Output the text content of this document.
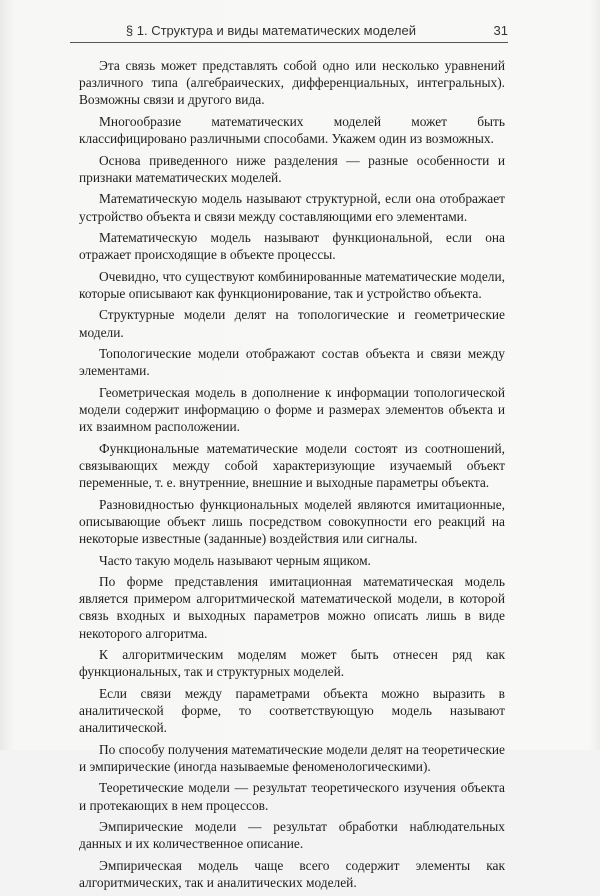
§ 1. Структура и виды математических моделей	31

Эта связь может представлять собой одно или несколько уравнений различного типа (алгебраических, дифференциальных, интегральных). Возможны связи и другого вида.

Многообразие математических моделей может быть классифицировано различными способами. Укажем один из возможных.

Основа приведенного ниже разделения — разные особенности и признаки математических моделей.

Математическую модель называют структурной, если она отображает устройство объекта и связи между составляющими его элементами.

Математическую модель называют функциональной, если она отражает происходящие в объекте процессы.

Очевидно, что существуют комбинированные математические модели, которые описывают как функционирование, так и устройство объекта.

Структурные модели делят на топологические и геометрические модели.

Топологические модели отображают состав объекта и связи между элементами.

Геометрическая модель в дополнение к информации топологической модели содержит информацию о форме и размерах элементов объекта и их взаимном расположении.

Функциональные математические модели состоят из соотношений, связывающих между собой характеризующие изучаемый объект переменные, т. е. внутренние, внешние и выходные параметры объекта.

Разновидностью функциональных моделей являются имитационные, описывающие объект лишь посредством совокупности его реакций на некоторые известные (заданные) воздействия или сигналы.

Часто такую модель называют черным ящиком.

По форме представления имитационная математическая модель является примером алгоритмической математической модели, в которой связь входных и выходных параметров можно описать лишь в виде некоторого алгоритма.

К алгоритмическим моделям может быть отнесен ряд как функциональных, так и структурных моделей.

Если связи между параметрами объекта можно выразить в аналитической форме, то соответствующую модель называют аналитической.

По способу получения математические модели делят на теоретические и эмпирические (иногда называемые феноменологическими).

Теоретические модели — результат теоретического изучения объекта и протекающих в нем процессов.

Эмпирические модели — результат обработки наблюдательных данных и их количественное описание.

Эмпирическая модель чаще всего содержит элементы как алгоритмических, так и аналитических моделей.
